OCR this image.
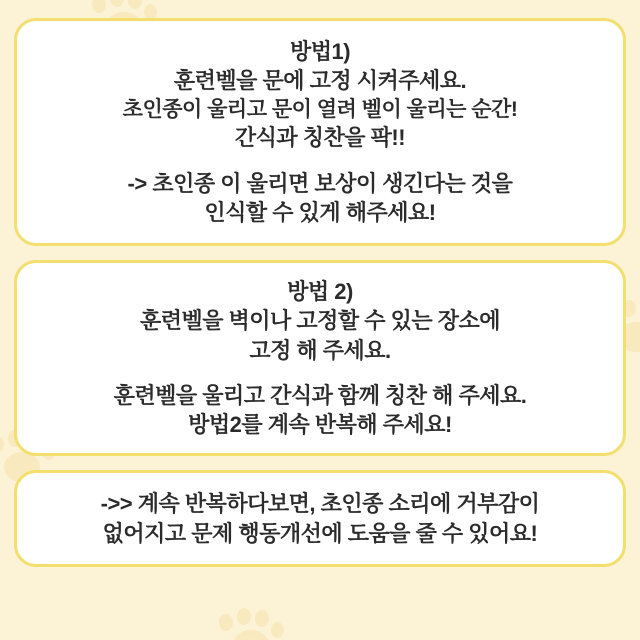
방법1)
훈련벨을 문에 고정 시켜주세요.
초인종이 울리고 문이 열려 벨이 울리는 순간!
간식과 칭찬을 팍!!
-> 초인종 이 울리면 보상이 생긴다는 것을
인식할 수 있게 해주세요!
방법 2)
훈련벨을 벽이나 고정할 수 있는 장소에
고정 해 주세요.
훈련벨을 울리고 간식과 함께 칭찬 해 주세요.
방법2를 계속 반복해 주세요!
->> 계속 반복하다보면, 초인종 소리에 거부감이
없어지고 문제 행동개선에 도움을 줄 수 있어요!
